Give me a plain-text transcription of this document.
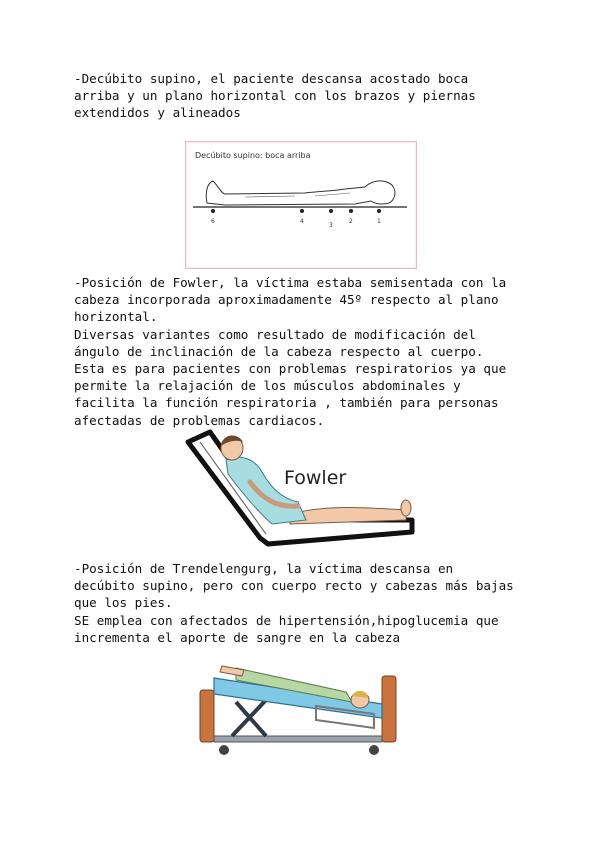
-Decúbito supino, el paciente descansa acostado boca
arriba y un plano horizontal con los brazos y piernas
extendidos y alineados
Decúbito supino: boca arriba
6	4
3
2	1
-Posición de Fowler, la víctima estaba semisentada con la
cabeza incorporada aproximadamente 45º respecto al plano
horizontal.
Diversas variantes como resultado de modificación del
ángulo de inclinación de la cabeza respecto al cuerpo.
Esta es para pacientes con problemas respiratorios ya que
permite la relajación de los músculos abdominales y
facilita la función respiratoria , también para personas
afectadas de problemas cardiacos.
Fowler
-Posición de Trendelengurg, la víctima descansa en
decúbito supino, pero con cuerpo recto y cabezas más bajas
que los pies.
SE emplea con afectados de hipertensión,hipoglucemia que
incrementa el aporte de sangre en la cabeza
